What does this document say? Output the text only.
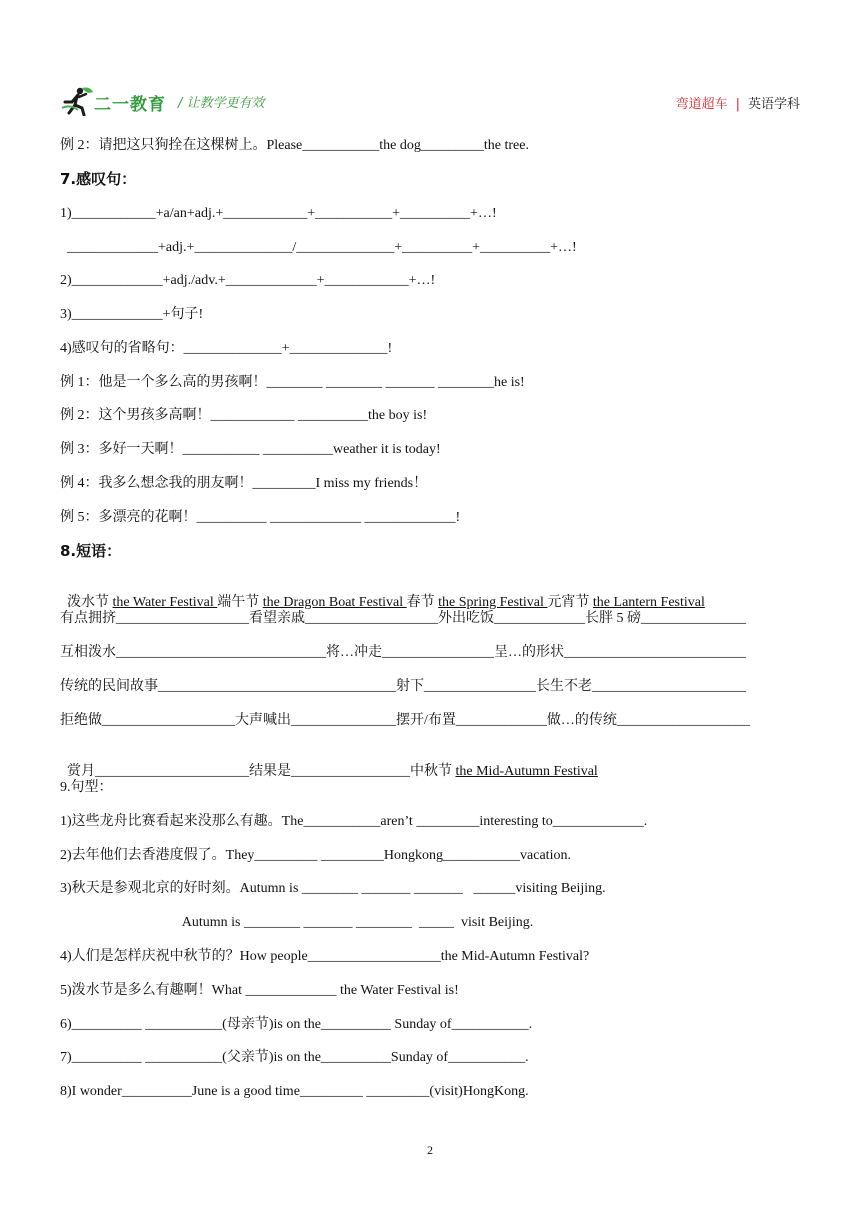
二一教育 / 让教学更有效	弯道超车 | 英语学科
例 2：请把这只狗拴在这棵树上。Please___________the dog_________the tree.
7.感叹句：
1)____________+a/an+adj.+____________+___________+__________+…!
_____________+adj.+______________/______________+__________+__________+…!
2)_____________+adj./adv.+_____________+____________+…!
3)_____________+句子!
4)感叹句的省略句：______________+______________!
例 1：他是一个多么高的男孩啊！________ ________ _______ ________he is!
例 2：这个男孩多高啊！____________ __________the boy is!
例 3：多好一天啊！___________ __________weather it is today!
例 4：我多么想念我的朋友啊！_________I miss my friends！
例 5：多漂亮的花啊！__________ _____________ _____________!
8.短语：

泼水节 the Water Festival 端午节 the Dragon Boat Festival 春节 the Spring Festival 元宵节 the Lantern Festival

有点拥挤___________________看望亲戚___________________外出吃饭_____________长胖 5 磅_______________
互相泼水______________________________将…冲走________________呈…的形状__________________________
传统的民间故事__________________________________射下________________长生不老______________________
拒绝做___________________大声喊出_______________摆开/布置_____________做…的传统___________________

赏月______________________结果是_________________中秋节 the Mid-Autumn Festival

9.句型：
1)这些龙舟比赛看起来没那么有趣。The___________aren’t _________interesting to_____________.
2)去年他们去香港度假了。They_________ _________Hongkong___________vacation.
3)秋天是参观北京的好时刻。Autumn is ________ _______ _______   ______visiting Beijing.
Autumn is ________ _______ ________  _____  visit Beijing.
4)人们是怎样庆祝中秋节的？How people___________________the Mid-Autumn Festival?
5)泼水节是多么有趣啊！What _____________ the Water Festival is!
6)__________ ___________(母亲节)is on the__________ Sunday of___________.
7)__________ ___________(父亲节)is on the__________Sunday of___________.
8)I wonder__________June is a good time_________ _________(visit)HongKong.
2
